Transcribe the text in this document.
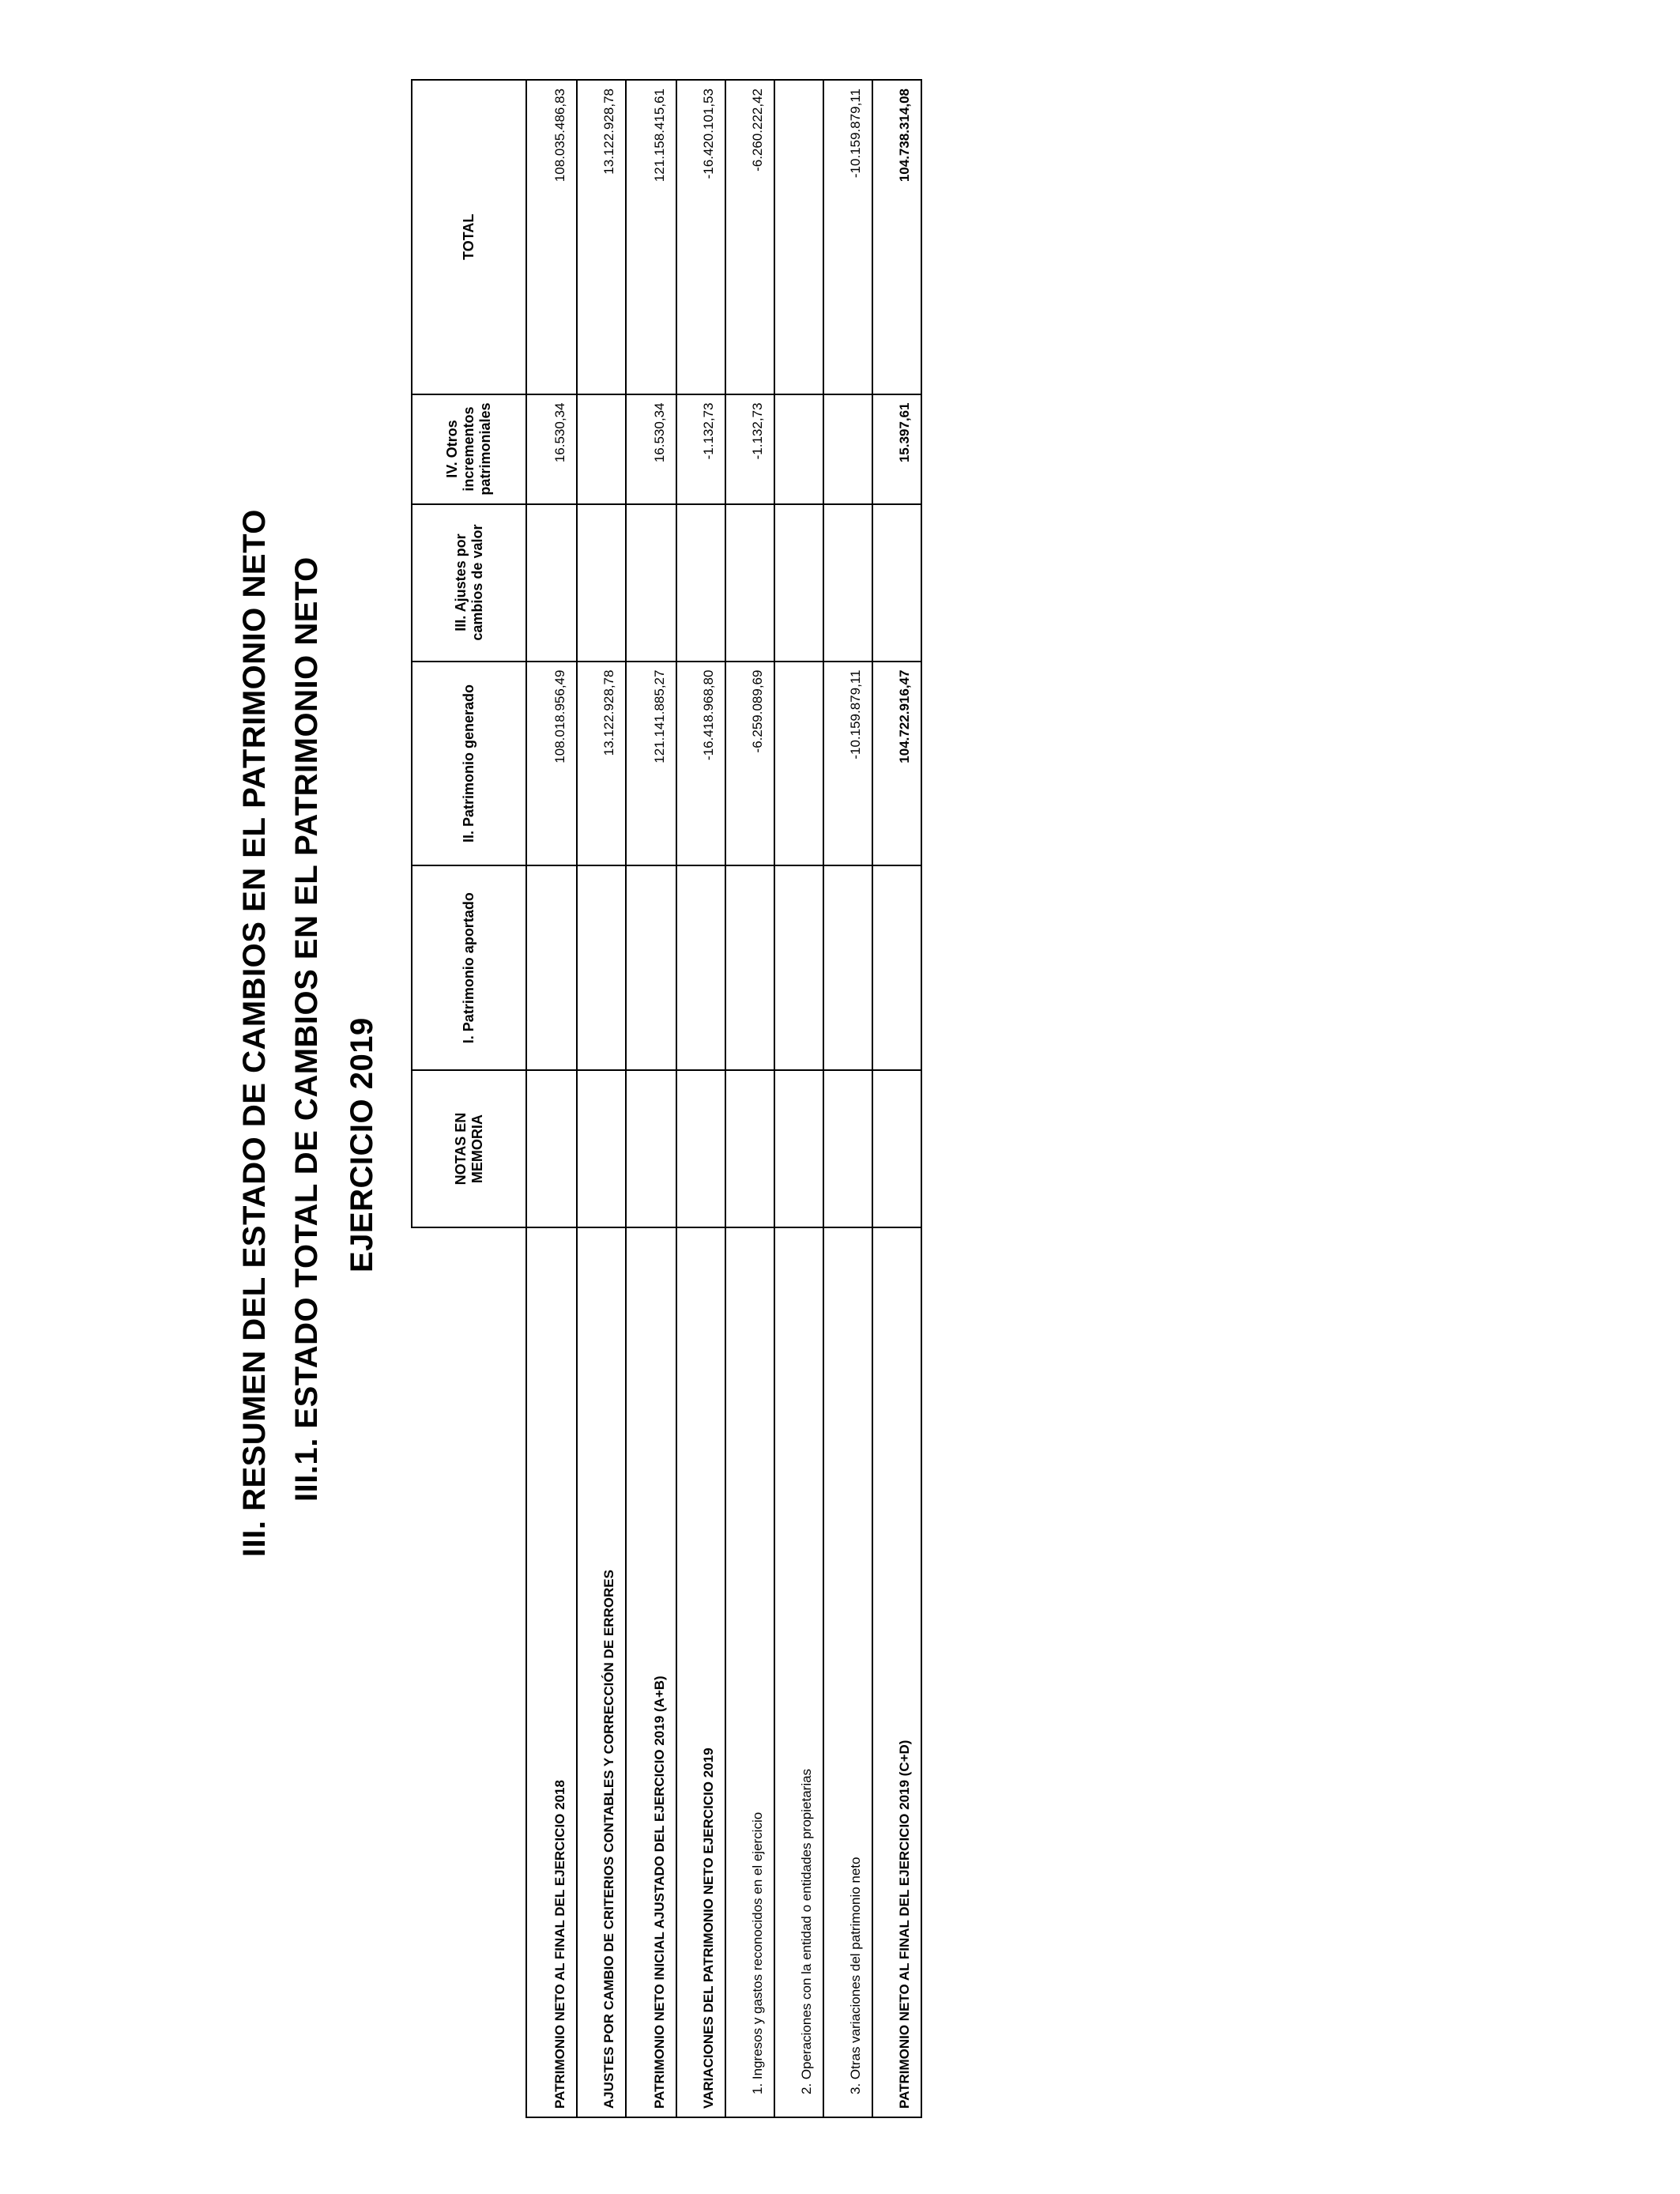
III. RESUMEN DEL ESTADO DE CAMBIOS EN EL PATRIMONIO NETO III.1. ESTADO TOTAL DE CAMBIOS EN EL PATRIMONIO NETO EJERCICIO 2019
		NOTAS EN MEMORIA	I. Patrimonio aportado	II. Patrimonio generado	III. Ajustes por cambios de valor	IV. Otros incrementos patrimoniales	TOTAL
PATRIMONIO NETO AL FINAL DEL EJERCICIO 2018			108.018.956,49		16.530,34	108.035.486,83
AJUSTES POR CAMBIO DE CRITERIOS CONTABLES Y CORRECCIÓN DE ERRORES			13.122.928,78			13.122.928,78
PATRIMONIO NETO INICIAL AJUSTADO DEL EJERCICIO 2019 (A+B)			121.141.885,27		16.530,34	121.158.415,61
VARIACIONES DEL PATRIMONIO NETO EJERCICIO 2019			-16.418.968,80		-1.132,73	-16.420.101,53
1. Ingresos y gastos reconocidos en el ejercicio			-6.259.089,69		-1.132,73	-6.260.222,42
2. Operaciones con la entidad o entidades propietarias						
3. Otras variaciones del patrimonio neto			-10.159.879,11			-10.159.879,11
PATRIMONIO NETO AL FINAL DEL EJERCICIO 2019 (C+D)			104.722.916,47		15.397,61	104.738.314,08
